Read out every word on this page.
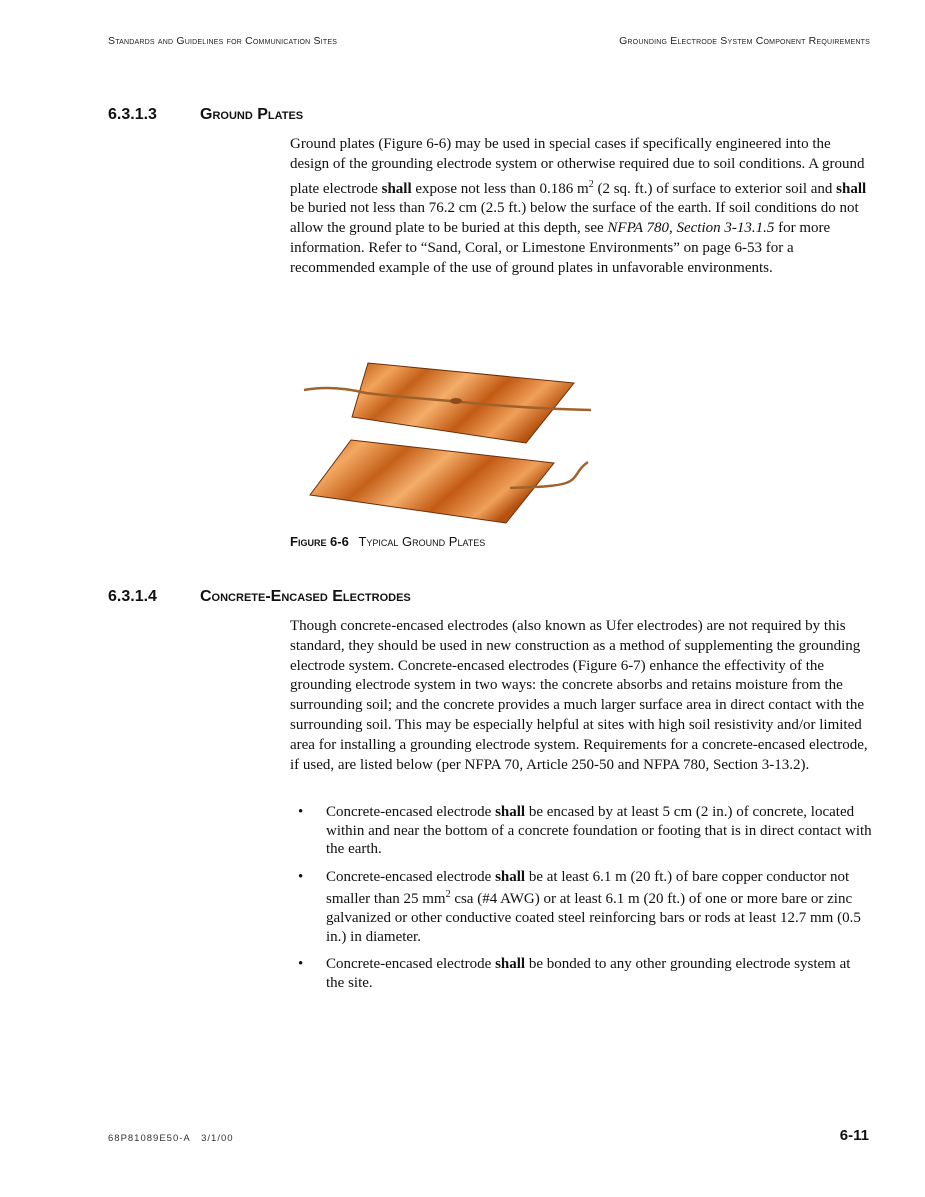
Standards and Guidelines for Communication Sites	Grounding Electrode System Component Requirements
6.3.1.3	Ground Plates

Ground plates (Figure 6-6) may be used in special cases if specifically engineered into the design of the grounding electrode system or otherwise required due to soil conditions. A ground plate electrode shall expose not less than 0.186 $m^2$ (2 sq. ft.) of surface to exterior soil and shall be buried not less than 76.2 cm (2.5 ft.) below the surface of the earth. If soil conditions do not allow the ground plate to be buried at this depth, see NFPA 780, Section 3-13.1.5 for more information. Refer to “Sand, Coral, or Limestone Environments” on page 6-53 for a recommended example of the use of ground plates in unfavorable environments.

Figure 6-6 Typical Ground Plates
6.3.1.4	Concrete-Encased Electrodes

Though concrete-encased electrodes (also known as Ufer electrodes) are not required by this standard, they should be used in new construction as a method of supplementing the grounding electrode system. Concrete-encased electrodes (Figure 6-7) enhance the effectivity of the grounding electrode system in two ways: the concrete absorbs and retains moisture from the surrounding soil; and the concrete provides a much larger surface area in direct contact with the surrounding soil. This may be especially helpful at sites with high soil resistivity and/or limited area for installing a grounding electrode system. Requirements for a concrete-encased electrode, if used, are listed below (per NFPA 70, Article 250-50 and NFPA 780, Section 3-13.2).

• Concrete-encased electrode shall be encased by at least 5 cm (2 in.) of concrete, located within and near the bottom of a concrete foundation or footing that is in direct contact with the earth.
• Concrete-encased electrode shall be at least 6.1 m (20 ft.) of bare copper conductor not smaller than 25 $mm^2$ csa (#4 AWG) or at least 6.1 m (20 ft.) of one or more bare or zinc galvanized or other conductive coated steel reinforcing bars or rods at least 12.7 mm (0.5 in.) in diameter.
• Concrete-encased electrode shall be bonded to any other grounding electrode system at the site.
68P81089E50-A   3/1/00	6-11
